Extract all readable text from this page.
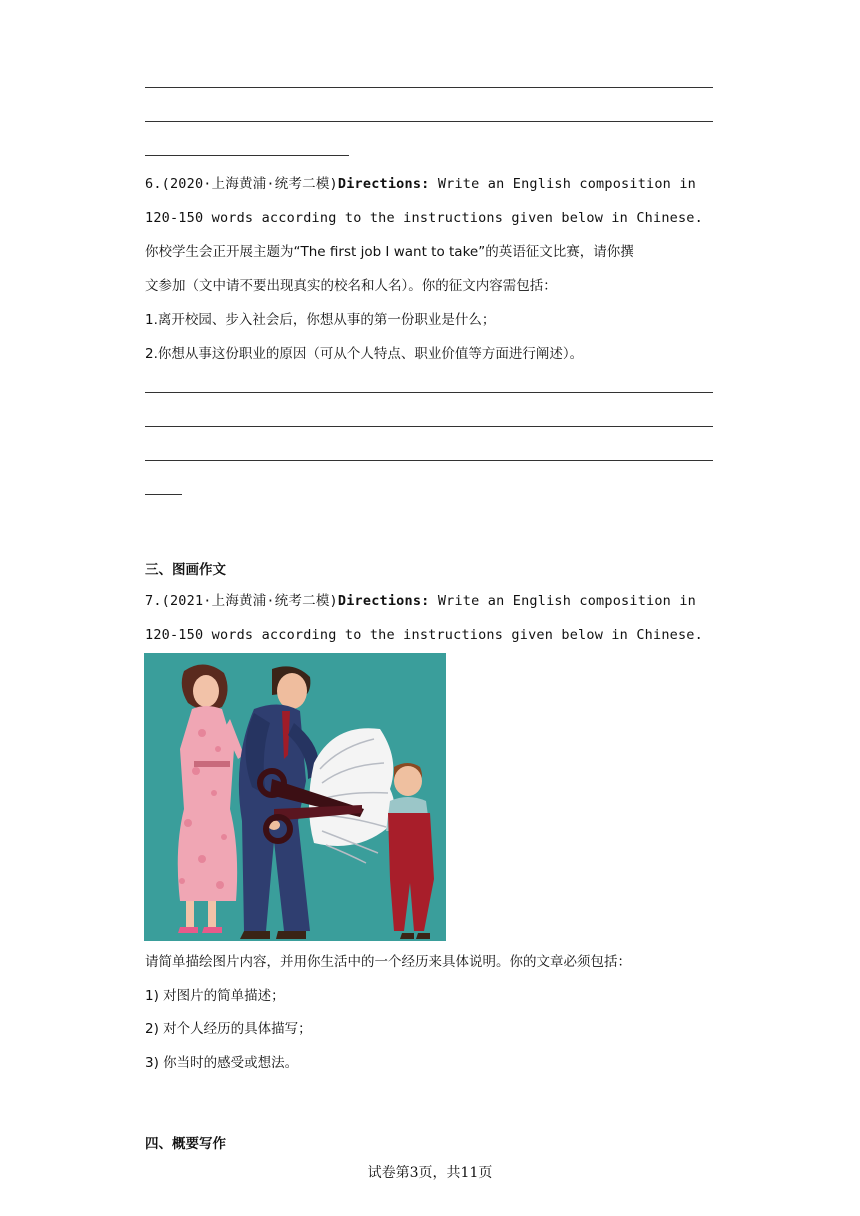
6.(2020·上海黄浦·统考二模)Directions: Write an English composition in
120-150 words according to the instructions given below in Chinese.
你校学生会正开展主题为“The first job I want to take”的英语征文比赛，请你撰
文参加（文中请不要出现真实的校名和人名）。你的征文内容需包括：
1.离开校园、步入社会后，你想从事的第一份职业是什么；
2.你想从事这份职业的原因（可从个人特点、职业价值等方面进行阐述）。
三、图画作文
7.(2021·上海黄浦·统考二模)Directions: Write an English composition in
120-150 words according to the instructions given below in Chinese.
请简单描绘图片内容，并用你生活中的一个经历来具体说明。你的文章必须包括：
1) 对图片的简单描述；
2) 对个人经历的具体描写；
3) 你当时的感受或想法。
四、概要写作
试卷第3页，共11页
